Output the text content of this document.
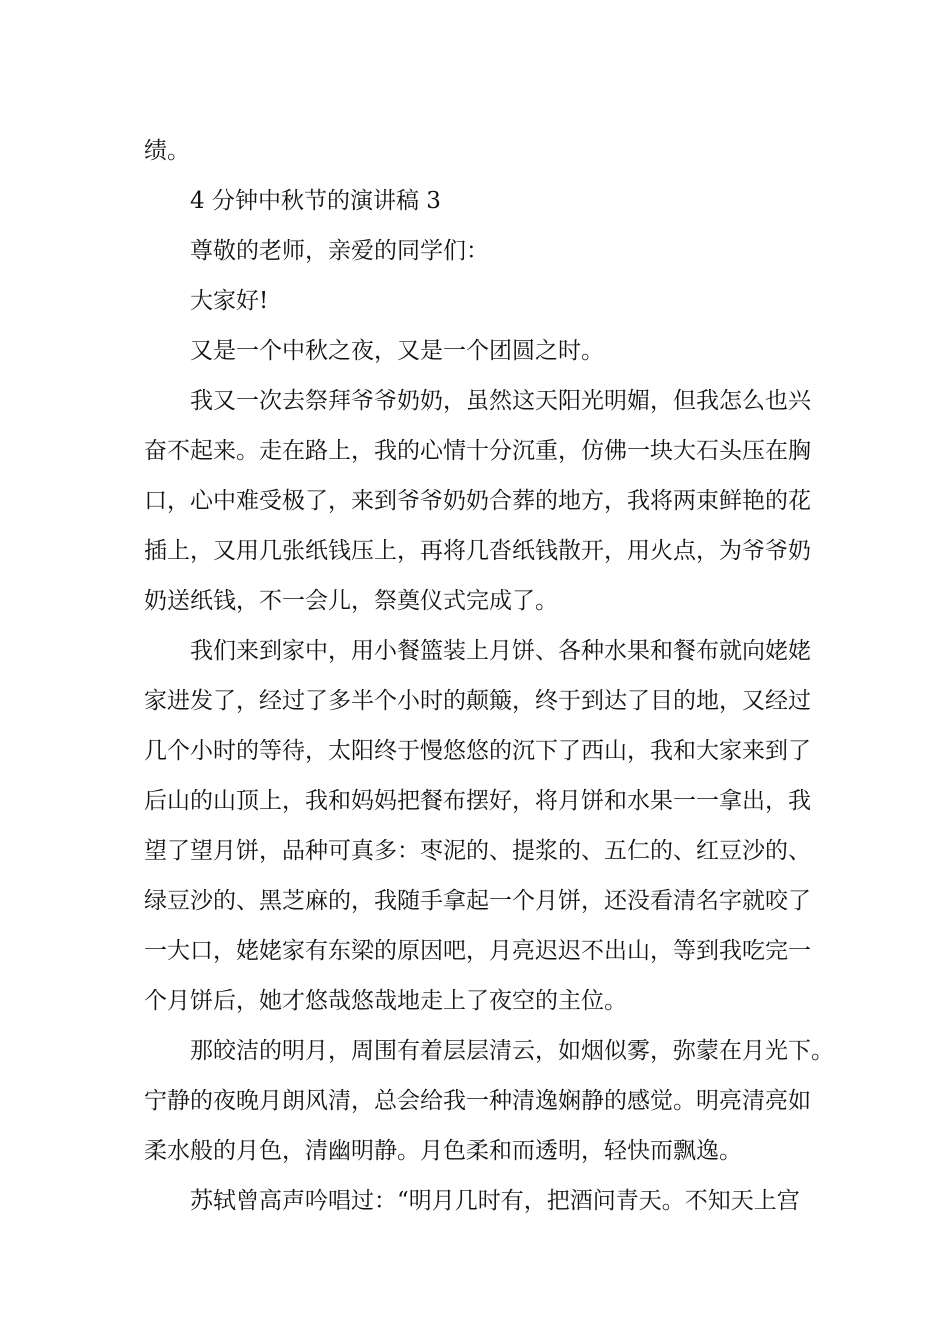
绩。
4 分钟中秋节的演讲稿 3
尊敬的老师，亲爱的同学们：
大家好!
又是一个中秋之夜，又是一个团圆之时。
我又一次去祭拜爷爷奶奶，虽然这天阳光明媚，但我怎么也兴
奋不起来。走在路上，我的心情十分沉重，仿佛一块大石头压在胸
口，心中难受极了，来到爷爷奶奶合葬的地方，我将两束鲜艳的花
插上，又用几张纸钱压上，再将几沓纸钱散开，用火点，为爷爷奶
奶送纸钱，不一会儿，祭奠仪式完成了。
我们来到家中，用小餐篮装上月饼、各种水果和餐布就向姥姥
家进发了，经过了多半个小时的颠簸，终于到达了目的地，又经过
几个小时的等待，太阳终于慢悠悠的沉下了西山，我和大家来到了
后山的山顶上，我和妈妈把餐布摆好，将月饼和水果一一拿出，我
望了望月饼，品种可真多：枣泥的、提浆的、五仁的、红豆沙的、
绿豆沙的、黑芝麻的，我随手拿起一个月饼，还没看清名字就咬了
一大口，姥姥家有东梁的原因吧，月亮迟迟不出山，等到我吃完一
个月饼后，她才悠哉悠哉地走上了夜空的主位。
那皎洁的明月，周围有着层层清云，如烟似雾，弥蒙在月光下。
宁静的夜晚月朗风清，总会给我一种清逸娴静的感觉。明亮清亮如
柔水般的月色，清幽明静。月色柔和而透明，轻快而飘逸。
苏轼曾高声吟唱过：“明月几时有，把酒问青天。不知天上宫
